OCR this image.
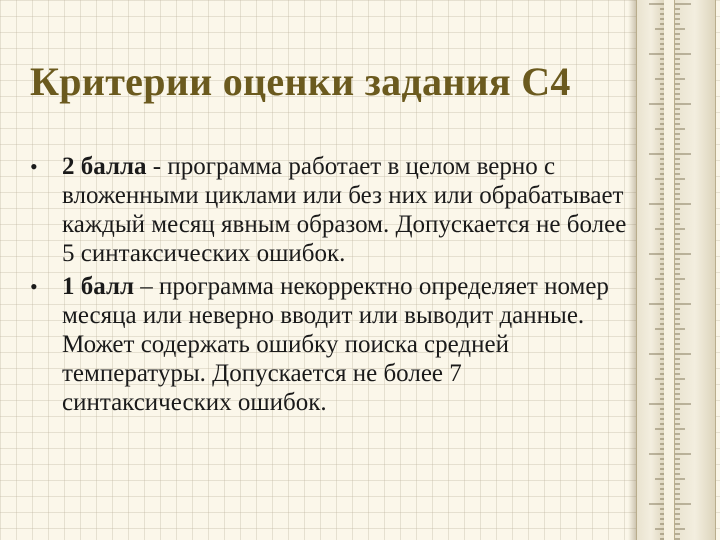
Критерии оценки задания С4
• 2 балла - программа работает в целом верно с вложенными циклами или без них или обрабатывает каждый месяц явным образом. Допускается не более 5 синтаксических ошибок.
• 1 балл – программа некорректно определяет номер месяца или неверно вводит или выводит данные. Может содержать ошибку поиска средней температуры. Допускается не более 7 синтаксических ошибок.
